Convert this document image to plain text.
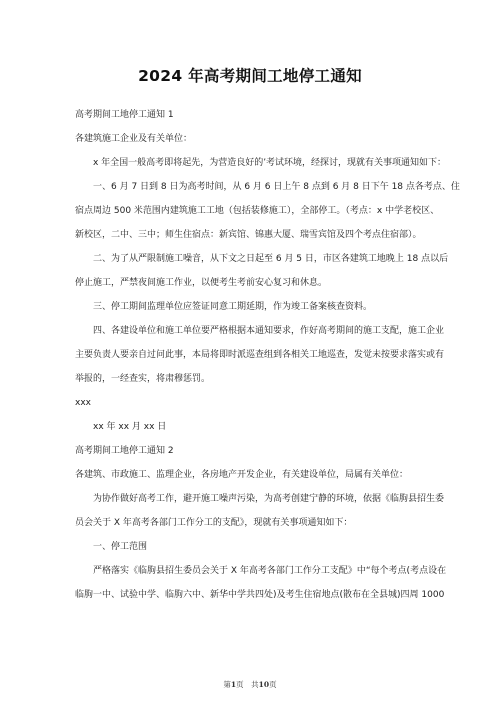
2024 年高考期间工地停工通知

高考期间工地停工通知 1

各建筑施工企业及有关单位：

x 年全国一般高考即将起先，为营造良好的’考试环境，经探讨，现就有关事项通知如下：

一、6 月 7 日到 8 日为高考时间，从 6 月 6 日上午 8 点到 6 月 8 日下午 18 点各考点、住

宿点周边 500 米范围内建筑施工工地（包括装修施工），全部停工。（考点：x 中学老校区、

新校区，二中、三中；师生住宿点：新宾馆、锦惠大厦、瑞雪宾馆及四个考点住宿部）。

二、为了从严限制施工噪音，从下文之日起至 6 月 5 日，市区各建筑工地晚上 18 点以后

停止施工，严禁夜间施工作业，以便考生考前安心复习和休息。

三、停工期间监理单位应签证同意工期延期，作为竣工备案核查资料。

四、各建设单位和施工单位要严格根据本通知要求，作好高考期间的施工支配，施工企业

主要负责人要亲自过问此事，本局将即时派巡查组到各相关工地巡查，发觉未按要求落实或有

举报的，一经查实，将肃穆惩罚。

xxx

xx 年 xx 月 xx 日

高考期间工地停工通知 2

各建筑、市政施工、监理企业，各房地产开发企业，有关建设单位，局属有关单位：

为协作做好高考工作，避开施工噪声污染，为高考创建宁静的环境，依据《临朐县招生委

员会关于 X 年高考各部门工作分工的支配》，现就有关事项通知如下：

一、停工范围

严格落实《临朐县招生委员会关于 X 年高考各部门工作分工支配》中“每个考点(考点设在

临朐一中、试验中学、临朐六中、新华中学共四处)及考生住宿地点(散布在全县城)四周 1000

第1页　共10页
